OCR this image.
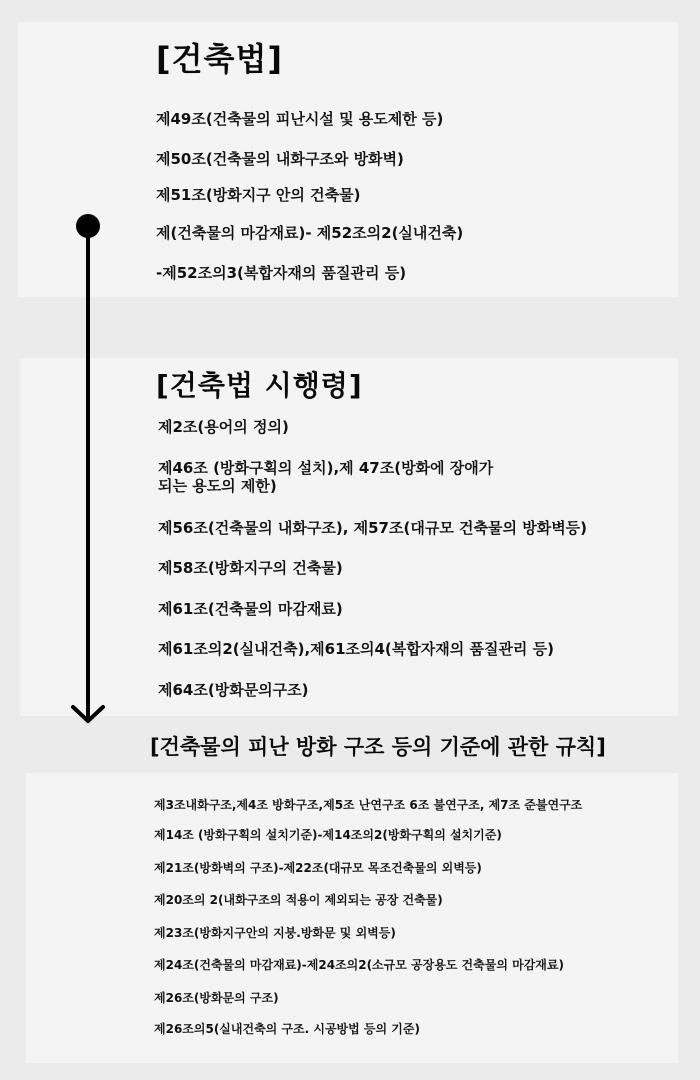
[건축법]
제49조(건축물의 피난시설 및 용도제한 등)
제50조(건축물의 내화구조와 방화벽)
제51조(방화지구 안의 건축물)
제(건축물의 마감재료)- 제52조의2(실내건축)
-제52조의3(복합자재의 품질관리 등)
[건축법 시행령]
제2조(용어의 정의)
제46조 (방화구획의 설치),제 47조(방화에 장애가
되는 용도의 제한)
제56조(건축물의 내화구조), 제57조(대규모 건축물의 방화벽등)
제58조(방화지구의 건축물)
제61조(건축물의 마감재료)
제61조의2(실내건축),제61조의4(복합자재의 품질관리 등)
제64조(방화문의구조)
[건축물의 피난 방화 구조 등의 기준에 관한 규칙]
제3조내화구조,제4조 방화구조,제5조 난연구조 6조 불연구조, 제7조 준불연구조
제14조 (방화구획의 설치기준)-제14조의2(방화구획의 설치기준)
제21조(방화벽의 구조)-제22조(대규모 목조건축물의 외벽등)
제20조의 2(내화구조의 적용이 제외되는 공장 건축물)
제23조(방화지구안의 지붕.방화문 및 외벽등)
제24조(건축물의 마감재료)-제24조의2(소규모 공장용도 건축물의 마감재료)
제26조(방화문의 구조)
제26조의5(실내건축의 구조. 시공방법 등의 기준)
